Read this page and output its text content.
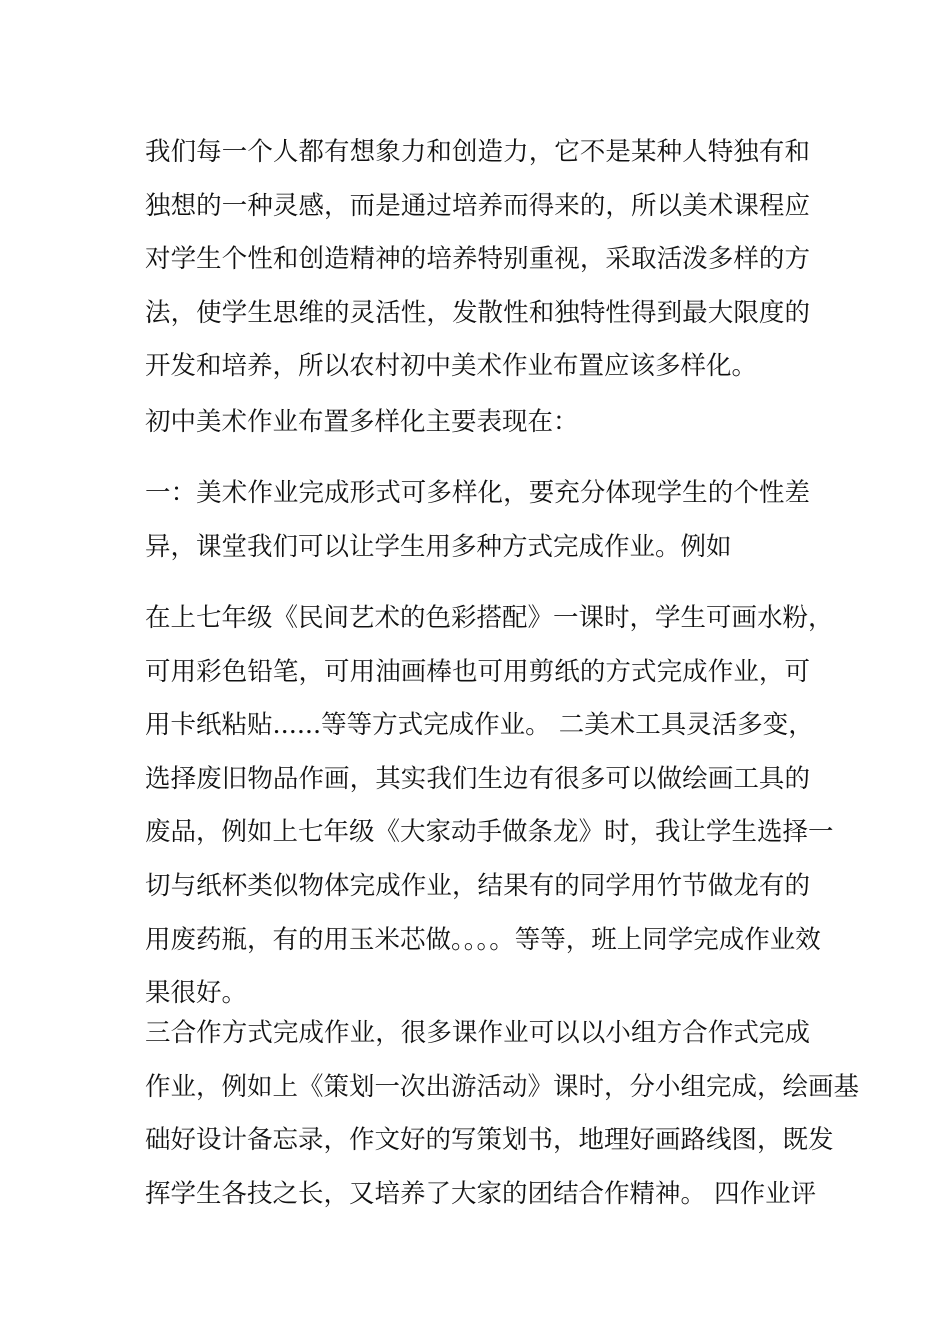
我们每一个人都有想象力和创造力，它不是某种人特独有和
独想的一种灵感，而是通过培养而得来的，所以美术课程应
对学生个性和创造精神的培养特别重视，采取活泼多样的方
法，使学生思维的灵活性，发散性和独特性得到最大限度的
开发和培养，所以农村初中美术作业布置应该多样化。
初中美术作业布置多样化主要表现在：
一：美术作业完成形式可多样化，要充分体现学生的个性差
异，课堂我们可以让学生用多种方式完成作业。例如
在上七年级《民间艺术的色彩搭配》一课时，学生可画水粉，
可用彩色铅笔，可用油画棒也可用剪纸的方式完成作业，可
用卡纸粘贴......等等方式完成作业。 二美术工具灵活多变，
选择废旧物品作画，其实我们生边有很多可以做绘画工具的
废品，例如上七年级《大家动手做条龙》时，我让学生选择一
切与纸杯类似物体完成作业，结果有的同学用竹节做龙有的
用废药瓶，有的用玉米芯做。。。。等等，班上同学完成作业效
果很好。
三合作方式完成作业，很多课作业可以以小组方合作式完成
作业，例如上《策划一次出游活动》课时，分小组完成，绘画基
础好设计备忘录，作文好的写策划书，地理好画路线图，既发
挥学生各技之长，又培养了大家的团结合作精神。 四作业评
